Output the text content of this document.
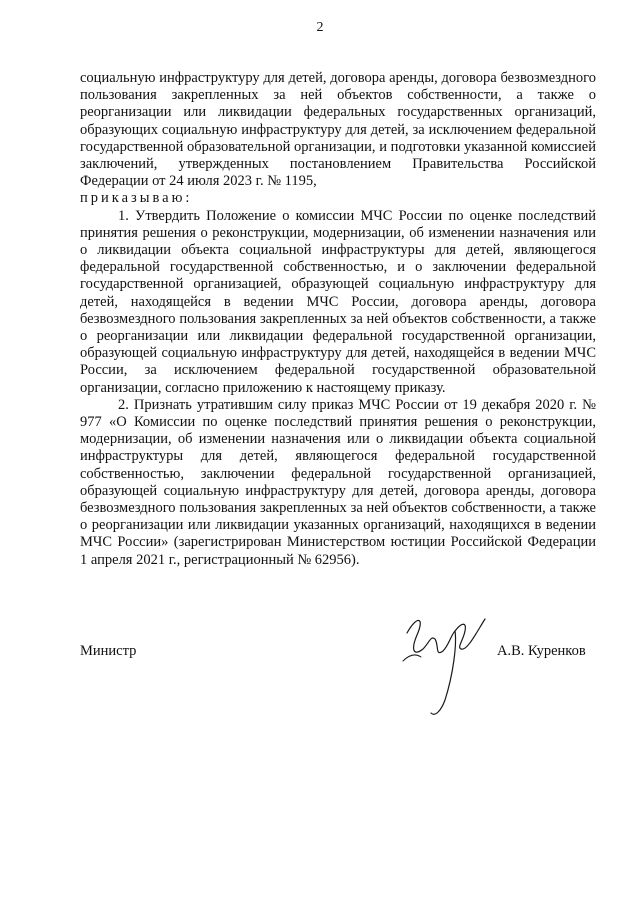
2

социальную инфраструктуру для детей, договора аренды, договора безвозмездного пользования закрепленных за ней объектов собственности, а также о реорганизации или ликвидации федеральных государственных организаций, образующих социальную инфраструктуру для детей, за исключением федеральной государственной образовательной организации, и подготовки указанной комиссией заключений, утвержденных постановлением Правительства Российской Федерации от 24 июля 2023 г. № 1195,

приказываю:

1. Утвердить Положение о комиссии МЧС России по оценке последствий принятия решения о реконструкции, модернизации, об изменении назначения или о ликвидации объекта социальной инфраструктуры для детей, являющегося федеральной государственной собственностью, и о заключении федеральной государственной организацией, образующей социальную инфраструктуру для детей, находящейся в ведении МЧС России, договора аренды, договора безвозмездного пользования закрепленных за ней объектов собственности, а также о реорганизации или ликвидации федеральной государственной организации, образующей социальную инфраструктуру для детей, находящейся в ведении МЧС России, за исключением федеральной государственной образовательной организации, согласно приложению к настоящему приказу.

2. Признать утратившим силу приказ МЧС России от 19 декабря 2020 г. № 977 «О Комиссии по оценке последствий принятия решения о реконструкции, модернизации, об изменении назначения или о ликвидации объекта социальной инфраструктуры для детей, являющегося федеральной государственной собственностью, заключении федеральной государственной организацией, образующей социальную инфраструктуру для детей, договора аренды, договора безвозмездного пользования закрепленных за ней объектов собственности, а также о реорганизации или ликвидации указанных организаций, находящихся в ведении МЧС России» (зарегистрирован Министерством юстиции Российской Федерации 1 апреля 2021 г., регистрационный № 62956).

Министр	А.В. Куренков
